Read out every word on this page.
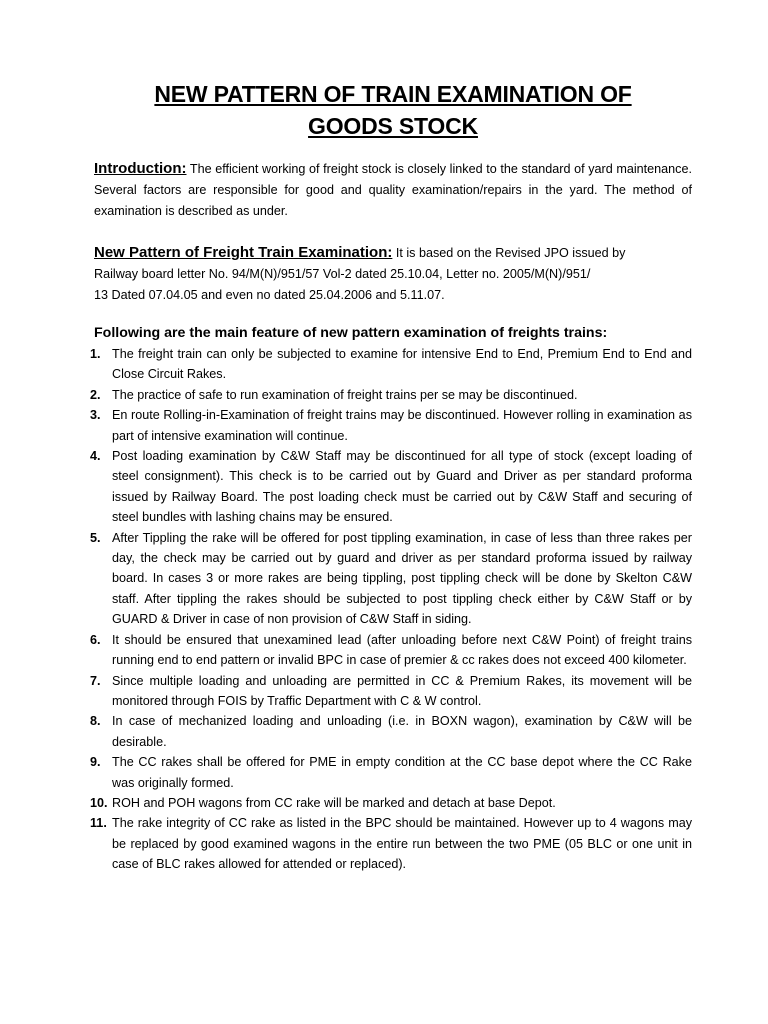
NEW PATTERN OF TRAIN EXAMINATION OF
GOODS STOCK

Introduction: The efficient working of freight stock is closely linked to the standard of yard maintenance. Several factors are responsible for good and quality examination/repairs in the yard. The method of examination is described as under.

New Pattern of Freight Train Examination: It is based on the Revised JPO issued by
Railway board letter No. 94/M(N)/951/57 Vol-2 dated 25.10.04, Letter no. 2005/M(N)/951/
13 Dated 07.04.05 and even no dated 25.04.2006 and 5.11.07.

Following are the main feature of new pattern examination of freights trains:
1. The freight train can only be subjected to examine for intensive End to End, Premium End to End and Close Circuit Rakes.
2. The practice of safe to run examination of freight trains per se may be discontinued.
3. En route Rolling-in-Examination of freight trains may be discontinued. However rolling in examination as part of intensive examination will continue.
4. Post loading examination by C&W Staff may be discontinued for all type of stock (except loading of steel consignment). This check is to be carried out by Guard and Driver as per standard proforma issued by Railway Board. The post loading check must be carried out by C&W Staff and securing of steel bundles with lashing chains may be ensured.
5. After Tippling the rake will be offered for post tippling examination, in case of less than three rakes per day, the check may be carried out by guard and driver as per standard proforma issued by railway board. In cases 3 or more rakes are being tippling, post tippling check will be done by Skelton C&W staff. After tippling the rakes should be subjected to post tippling check either by C&W Staff or by GUARD & Driver in case of non provision of C&W Staff in siding.
6. It should be ensured that unexamined lead (after unloading before next C&W Point) of freight trains running end to end pattern or invalid BPC in case of premier & cc rakes does not exceed 400 kilometer.
7. Since multiple loading and unloading are permitted in CC & Premium Rakes, its movement will be monitored through FOIS by Traffic Department with C & W control.
8. In case of mechanized loading and unloading (i.e. in BOXN wagon), examination by C&W will be desirable.
9. The CC rakes shall be offered for PME in empty condition at the CC base depot where the CC Rake was originally formed.
10. ROH and POH wagons from CC rake will be marked and detach at base Depot.
11. The rake integrity of CC rake as listed in the BPC should be maintained. However up to 4 wagons may be replaced by good examined wagons in the entire run between the two PME (05 BLC or one unit in case of BLC rakes allowed for attended or replaced).
